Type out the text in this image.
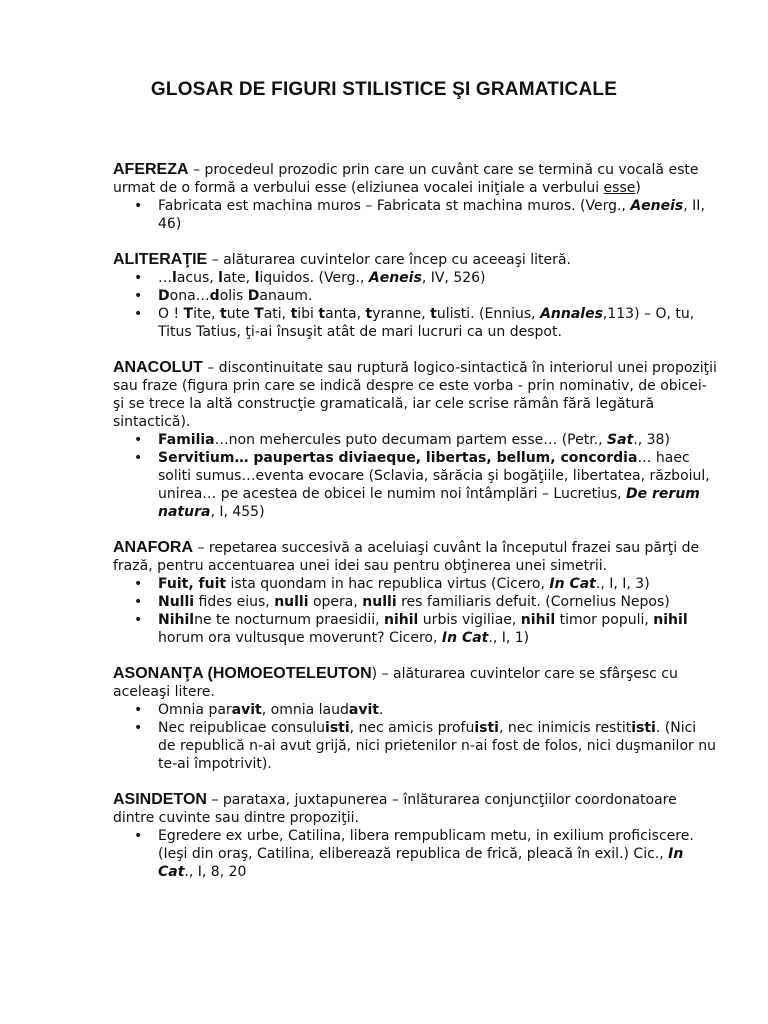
GLOSAR DE FIGURI STILISTICE ŞI GRAMATICALE

AFEREZA – procedeul prozodic prin care un cuvânt care se termină cu vocală este urmat de o formă a verbului esse (eliziunea vocalei iniţiale a verbului esse)

• Fabricata est machina muros – Fabricata st machina muros. (Verg., Aeneis, II, 46)

ALITERAŢIE – alăturarea cuvintelor care încep cu aceeaşi literă.

• …lacus, late, liquidos. (Verg., Aeneis, IV, 526)
• Dona…dolis Danaum.
• O ! Tite, tute Tati, tibi tanta, tyranne, tulisti. (Ennius, Annales,113) – O, tu, Titus Tatius, ţi-ai însuşit atât de mari lucruri ca un despot.

ANACOLUT – discontinuitate sau ruptură logico-sintactică în interiorul unei propoziţii sau fraze (figura prin care se indică despre ce este vorba - prin nominativ, de obicei- şi se trece la altă construcţie gramaticală, iar cele scrise rămân fără legătură sintactică).

• Familia…non mehercules puto decumam partem esse… (Petr., Sat., 38)
• Servitium… paupertas diviaeque, libertas, bellum, concordia… haec soliti sumus…eventa evocare (Sclavia, sărăcia şi bogăţiile, libertatea, războiul, unirea… pe acestea de obicei le numim noi întâmplări – Lucretius, De rerum natura, I, 455)

ANAFORA – repetarea succesivă a aceluiaşi cuvânt la începutul frazei sau părţi de frază, pentru accentuarea unei idei sau pentru obţinerea unei simetrii.

• Fuit, fuit ista quondam in hac republica virtus (Cicero, In Cat., I, I, 3)
• Nulli fides eius, nulli opera, nulli res familiaris defuit. (Cornelius Nepos)
• Nihilne te nocturnum praesidii, nihil urbis vigiliae, nihil timor populi, nihil horum ora vultusque moverunt? Cicero, In Cat., I, 1)

ASONANŢA (HOMOEOTELEUTON) – alăturarea cuvintelor care se sfârşesc cu aceleaşi litere.

• Omnia paravit, omnia laudavit.
• Nec reipublicae consuluisti, nec amicis profuisti, nec inimicis restitisti. (Nici de republică n-ai avut grijă, nici prietenilor n-ai fost de folos, nici duşmanilor nu te-ai împotrivit).

ASINDETON – parataxa, juxtapunerea – înlăturarea conjuncţiilor coordonatoare dintre cuvinte sau dintre propoziţii.

• Egredere ex urbe, Catilina, libera rempublicam metu, in exilium proficiscere. (Ieşi din oraş, Catilina, eliberează republica de frică, pleacă în exil.) Cic., In Cat., I, 8, 20
